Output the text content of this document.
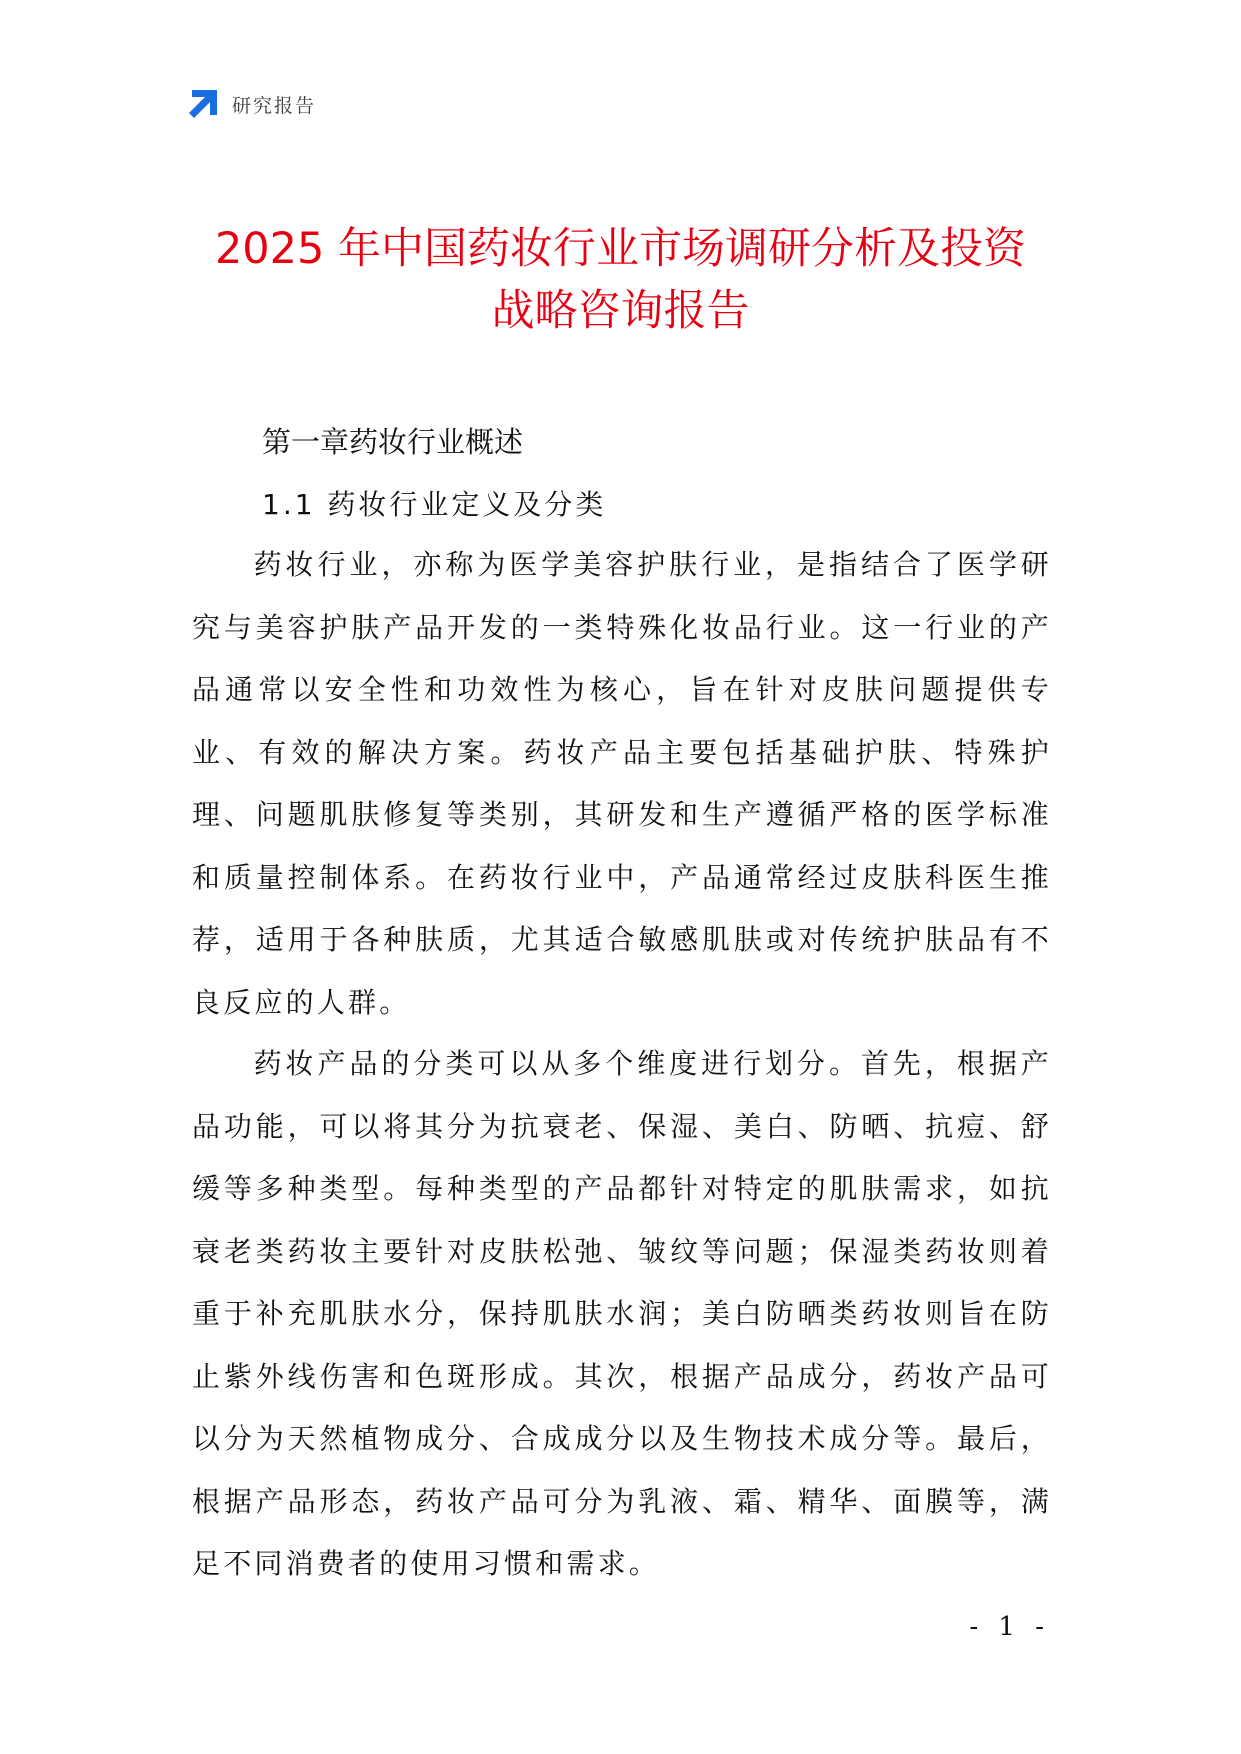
研究报告
2025 年中国药妆行业市场调研分析及投资
战略咨询报告
第一章药妆行业概述
1.1 药妆行业定义及分类

药妆行业，亦称为医学美容护肤行业，是指结合了医学研究与美容护肤产品开发的一类特殊化妆品行业。这一行业的产品通常以安全性和功效性为核心，旨在针对皮肤问题提供专业、有效的解决方案。药妆产品主要包括基础护肤、特殊护理、问题肌肤修复等类别，其研发和生产遵循严格的医学标准和质量控制体系。在药妆行业中，产品通常经过皮肤科医生推荐，适用于各种肤质，尤其适合敏感肌肤或对传统护肤品有不良反应的人群。

药妆产品的分类可以从多个维度进行划分。首先，根据产品功能，可以将其分为抗衰老、保湿、美白、防晒、抗痘、舒缓等多种类型。每种类型的产品都针对特定的肌肤需求，如抗衰老类药妆主要针对皮肤松弛、皱纹等问题；保湿类药妆则着重于补充肌肤水分，保持肌肤水润；美白防晒类药妆则旨在防止紫外线伤害和色斑形成。其次，根据产品成分，药妆产品可以分为天然植物成分、合成成分以及生物技术成分等。最后，根据产品形态，药妆产品可分为乳液、霜、精华、面膜等，满足不同消费者的使用习惯和需求。

- 1 -
